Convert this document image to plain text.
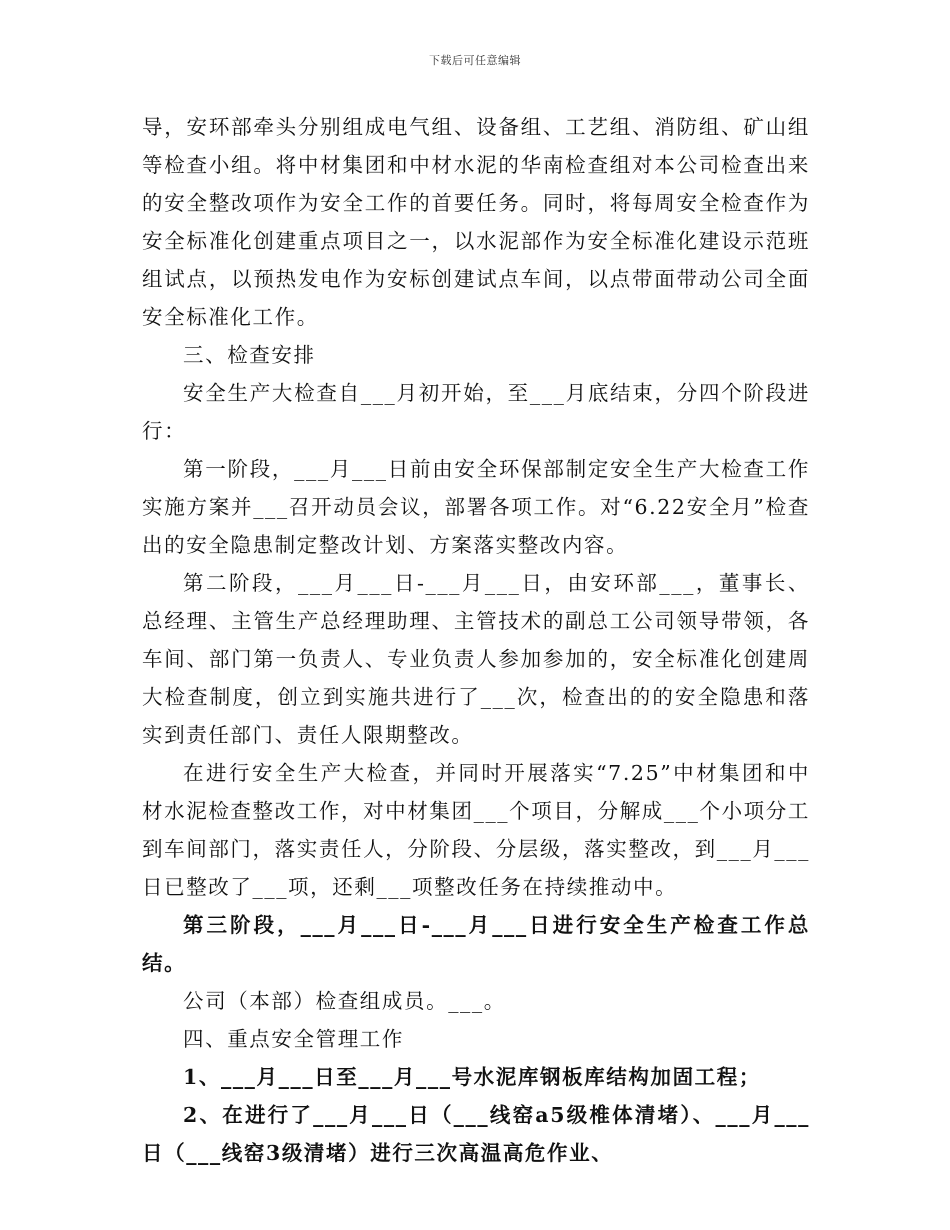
下载后可任意编辑

导，安环部牵头分别组成电气组、设备组、工艺组、消防组、矿山组等检查小组。将中材集团和中材水泥的华南检查组对本公司检查出来的安全整改项作为安全工作的首要任务。同时，将每周安全检查作为安全标准化创建重点项目之一，以水泥部作为安全标准化建设示范班组试点，以预热发电作为安标创建试点车间，以点带面带动公司全面安全标准化工作。

三、检查安排

安全生产大检查自___月初开始，至___月底结束，分四个阶段进行：

第一阶段，___月___日前由安全环保部制定安全生产大检查工作实施方案并___召开动员会议，部署各项工作。对“6.22安全月”检查出的安全隐患制定整改计划、方案落实整改内容。

第二阶段，___月___日-___月___日，由安环部___，董事长、总经理、主管生产总经理助理、主管技术的副总工公司领导带领，各车间、部门第一负责人、专业负责人参加参加的，安全标准化创建周大检查制度，创立到实施共进行了___次，检查出的的安全隐患和落实到责任部门、责任人限期整改。

在进行安全生产大检查，并同时开展落实“7.25”中材集团和中材水泥检查整改工作，对中材集团___个项目，分解成___个小项分工到车间部门，落实责任人，分阶段、分层级，落实整改，到___月___日已整改了___项，还剩___项整改任务在持续推动中。

第三阶段，___月___日-___月___日进行安全生产检查工作总结。

公司（本部）检查组成员。___。

四、重点安全管理工作

1、___月___日至___月___号水泥库钢板库结构加固工程；

2、在进行了___月___日（___线窑a5级椎体清堵）、___月___日（___线窑3级清堵）进行三次高温高危作业、
